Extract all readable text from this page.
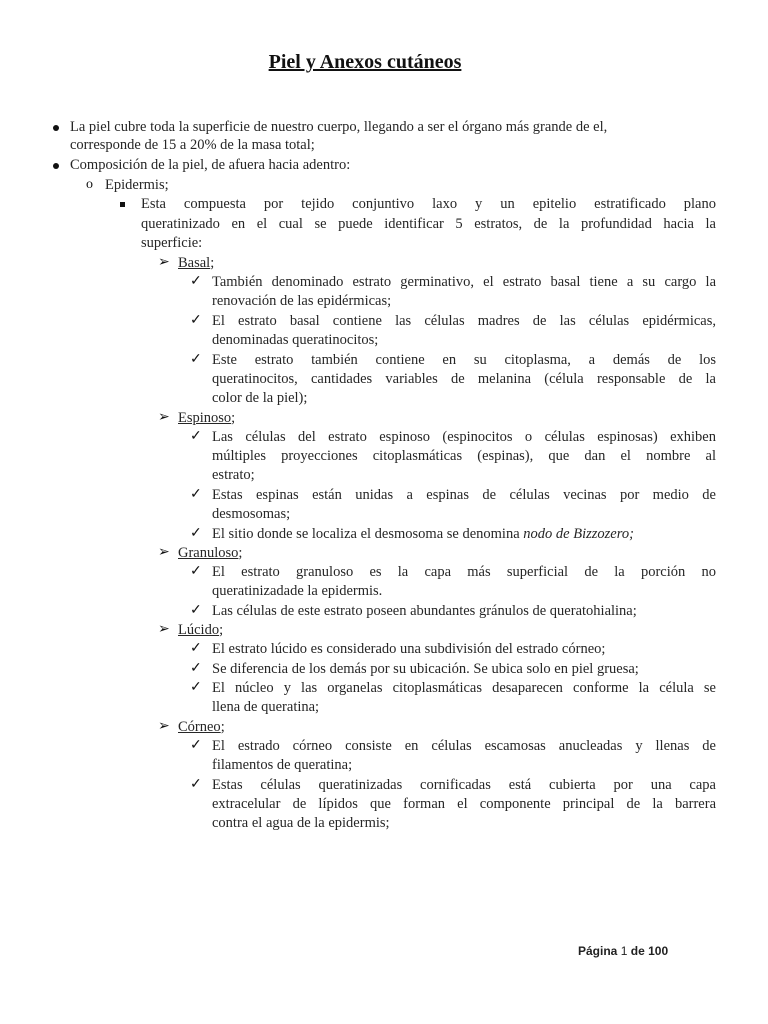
Piel y Anexos cutáneos
La piel cubre toda la superficie de nuestro cuerpo, llegando a ser el órgano más grande de el,
corresponde de 15 a 20% de la masa total;
Composición de la piel, de afuera hacia adentro:
o Epidermis;
Esta compuesta por tejido conjuntivo laxo y un epitelio estratificado plano
queratinizado en el cual se puede identificar 5 estratos, de la profundidad hacia la
superficie:
➢ Basal;
✓ También denominado estrato germinativo, el estrato basal tiene a su cargo la
renovación de las epidérmicas;
✓ El estrato basal contiene las células madres de las células epidérmicas,
denominadas queratinocitos;
✓ Este estrato también contiene en su citoplasma, a demás de los
queratinocitos, cantidades variables de melanina (célula responsable de la
color de la piel);
➢ Espinoso;
✓ Las células del estrato espinoso (espinocitos o células espinosas) exhiben
múltiples proyecciones citoplasmáticas (espinas), que dan el nombre al
estrato;
✓ Estas espinas están unidas a espinas de células vecinas por medio de
desmosomas;
✓ El sitio donde se localiza el desmosoma se denomina nodo de Bizzozero;
➢ Granuloso;
✓ El estrato granuloso es la capa más superficial de la porción no
queratinizadade la epidermis.
✓ Las células de este estrato poseen abundantes gránulos de queratohialina;
➢ Lúcido;
✓ El estrato lúcido es considerado una subdivisión del estrado córneo;
✓ Se diferencia de los demás por su ubicación. Se ubica solo en piel gruesa;
✓ El núcleo y las organelas citoplasmáticas desaparecen conforme la célula se
llena de queratina;
➢ Córneo;
✓ El estrado córneo consiste en células escamosas anucleadas y llenas de
filamentos de queratina;
✓ Estas células queratinizadas cornificadas está cubierta por una capa
extracelular de lípidos que forman el componente principal de la barrera
contra el agua de la epidermis;
Página 1 de 100
